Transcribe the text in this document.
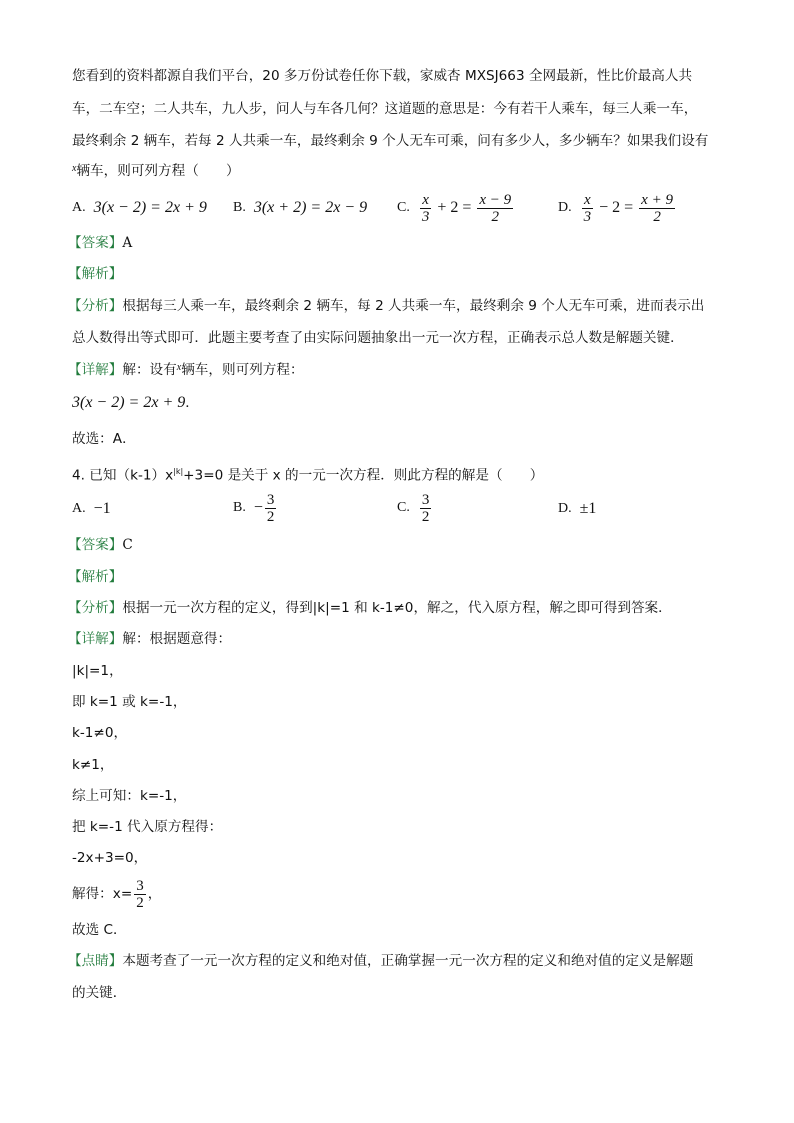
您看到的资料都源自我们平台，20 多万份试卷任你下载，家威杏 MXSJ663 全网最新，性比价最高人共
车，二车空；二人共车，九人步，问人与车各几何？这道题的意思是：今有若干人乘车，每三人乘一车，
最终剩余 2 辆车，若每 2 人共乘一车，最终剩余 9 个人无车可乘，问有多少人，多少辆车？如果我们设有
$^x$辆车，则可列方程（　　）
A. 3(x − 2) = 2x + 9 B. 3(x + 2) = 2x − 9 C. $\frac{x}{3} + 2 = \frac{x - 9}{2}$	D. $\frac{x}{3} - 2 = \frac{x + 9}{2}$
【答案】A
【解析】
【分析】根据每三人乘一车，最终剩余 2 辆车，每 2 人共乘一车，最终剩余 9 个人无车可乘，进而表示出
总人数得出等式即可．此题主要考查了由实际问题抽象出一元一次方程，正确表示总人数是解题关键．
【详解】解：设有$^x$辆车，则可列方程：
3(x − 2) = 2x + 9．
故选：A．
4. 已知$(k-1)x^{|k|}+3=0$ 是关于 x 的一元一次方程．则此方程的解是（　　）
A. −1	B. − $\frac{3}{2}$	C. $\frac{3}{2}$	D. ±1
【答案】C
【解析】
【分析】根据一元一次方程的定义，得到|k|=1 和 k-1≠0，解之，代入原方程，解之即可得到答案．
【详解】解：根据题意得：
|k|=1，
即 k=1 或 k=-1，
k-1≠0，
k≠1，
综上可知：k=-1，
把 k=-1 代入原方程得：
-2x+3=0，
解得：$x= \frac{3}{2}$ ，
故选 C．
【点睛】本题考查了一元一次方程的定义和绝对值，正确掌握一元一次方程的定义和绝对值的定义是解题
的关键．
